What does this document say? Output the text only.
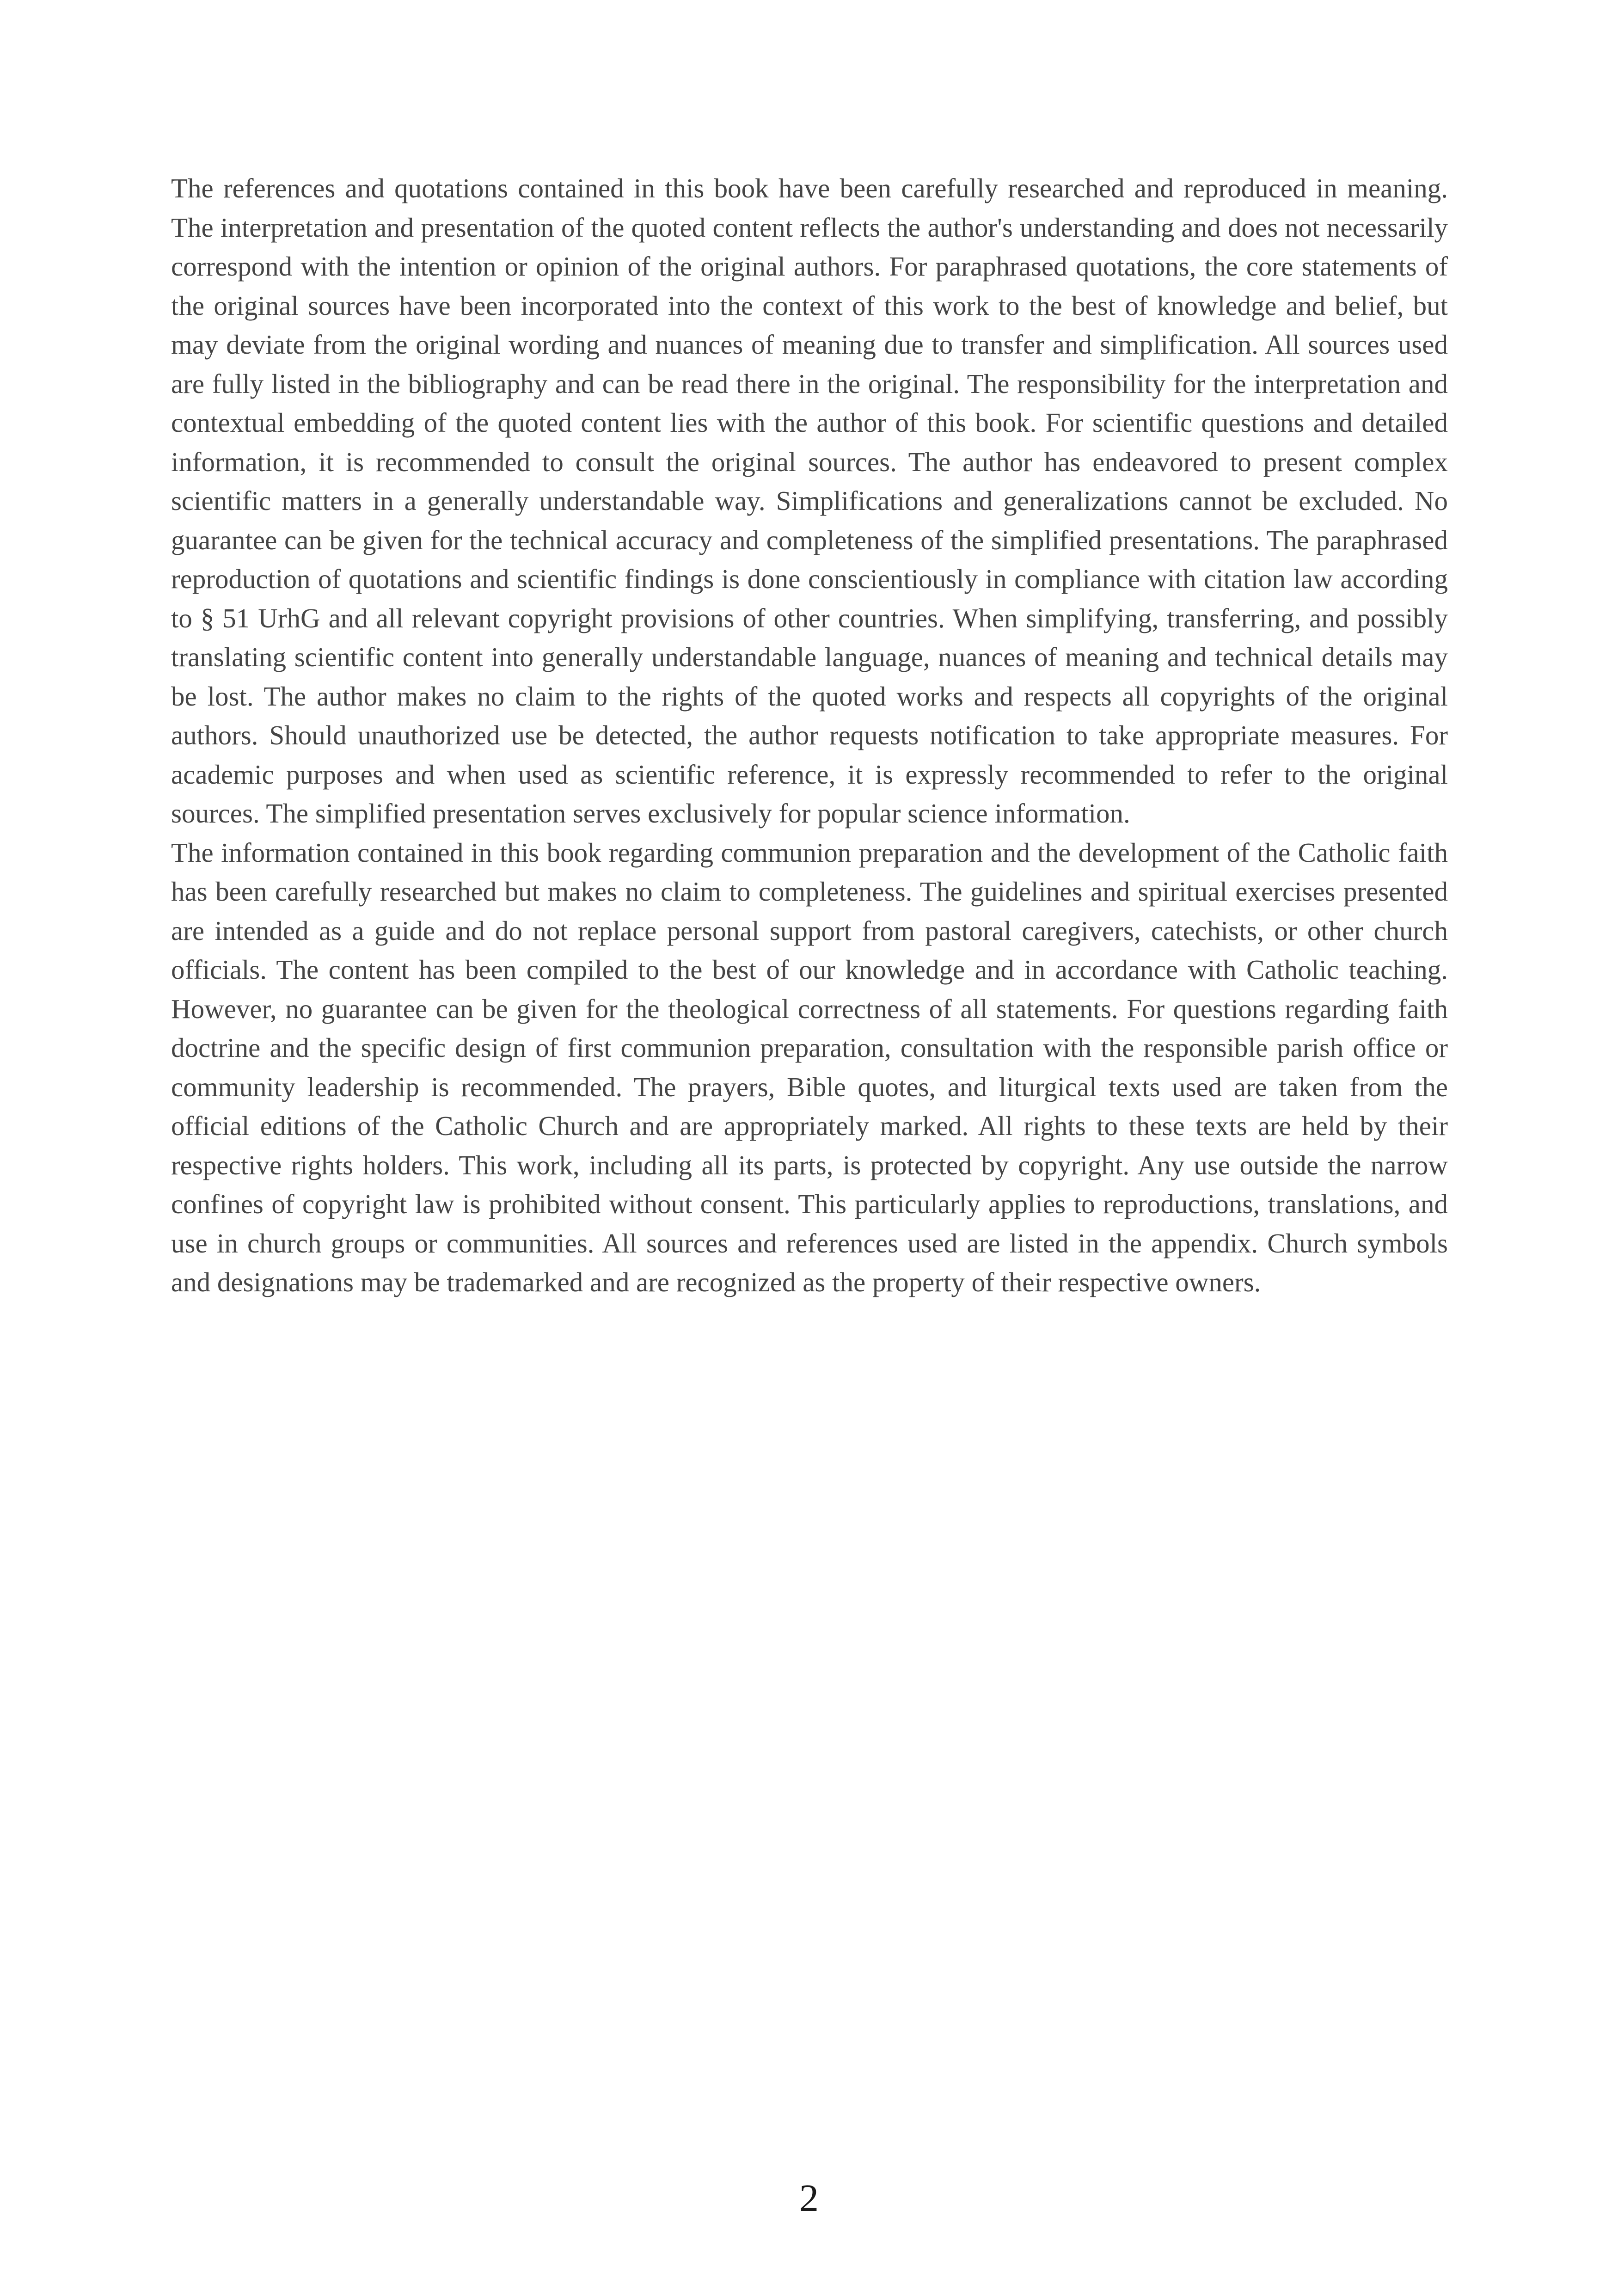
The references and quotations contained in this book have been carefully researched and reproduced in meaning. The interpretation and presentation of the quoted content reflects the author's understanding and does not necessarily correspond with the intention or opinion of the original authors. For paraphrased quotations, the core statements of the original sources have been incorporated into the context of this work to the best of knowledge and belief, but may deviate from the original wording and nuances of meaning due to transfer and simplification. All sources used are fully listed in the bibliography and can be read there in the original. The responsibility for the interpretation and contextual embedding of the quoted content lies with the author of this book. For scientific questions and detailed information, it is recommended to consult the original sources. The author has endeavored to present complex scientific matters in a generally understandable way. Simplifications and generalizations cannot be excluded. No guarantee can be given for the technical accuracy and completeness of the simplified presentations. The paraphrased reproduction of quotations and scientific findings is done conscientiously in compliance with citation law according to § 51 UrhG and all relevant copyright provisions of other countries. When simplifying, transferring, and possibly translating scientific content into generally understandable language, nuances of meaning and technical details may be lost. The author makes no claim to the rights of the quoted works and respects all copyrights of the original authors. Should unauthorized use be detected, the author requests notification to take appropriate measures. For academic purposes and when used as scientific reference, it is expressly recommended to refer to the original sources. The simplified presentation serves exclusively for popular science information.

The information contained in this book regarding communion preparation and the development of the Catholic faith has been carefully researched but makes no claim to completeness. The guidelines and spiritual exercises presented are intended as a guide and do not replace personal support from pastoral caregivers, catechists, or other church officials. The content has been compiled to the best of our knowledge and in accordance with Catholic teaching. However, no guarantee can be given for the theological correctness of all statements. For questions regarding faith doctrine and the specific design of first communion preparation, consultation with the responsible parish office or community leadership is recommended. The prayers, Bible quotes, and liturgical texts used are taken from the official editions of the Catholic Church and are appropriately marked. All rights to these texts are held by their respective rights holders. This work, including all its parts, is protected by copyright. Any use outside the narrow confines of copyright law is prohibited without consent. This particularly applies to reproductions, translations, and use in church groups or communities. All sources and references used are listed in the appendix. Church symbols and designations may be trademarked and are recognized as the property of their respective owners.

2
